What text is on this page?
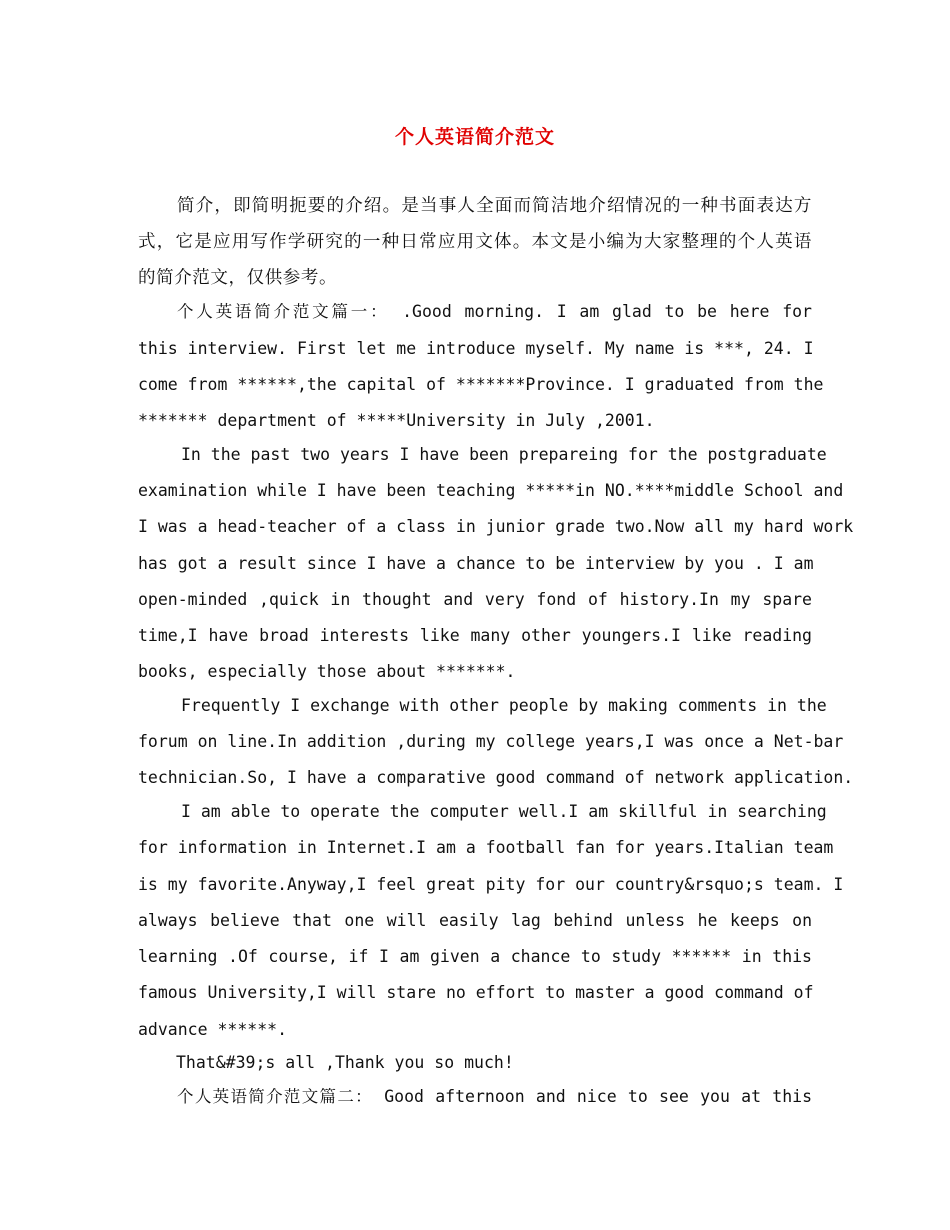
个人英语简介范文
简介，即简明扼要的介绍。是当事人全面而简洁地介绍情况的一种书面表达方
式，它是应用写作学研究的一种日常应用文体。本文是小编为大家整理的个人英语
的简介范文，仅供参考。
个人英语简介范文篇一： .Good morning. I am glad to be here for
this interview. First let me introduce myself. My name is ***, 24. I
come from ******,the capital of *******Province. I graduated from the
******* department of *****University in July ,2001.
In the past two years I have been prepareing for the postgraduate
examination while I have been teaching *****in NO.****middle School and
I was a head-teacher of a class in junior grade two.Now all my hard work
has got a result since I have a chance to be interview by you . I am
open-minded ,quick in thought and very fond of history.In my spare
time,I have broad interests like many other youngers.I like reading
books, especially those about *******.
Frequently I exchange with other people by making comments in the
forum on line.In addition ,during my college years,I was once a Net-bar
technician.So, I have a comparative good command of network application.
I am able to operate the computer well.I am skillful in searching
for information in Internet.I am a football fan for years.Italian team
is my favorite.Anyway,I feel great pity for our country&rsquo;s team. I
always believe that one will easily lag behind unless he keeps on
learning .Of course, if I am given a chance to study ****** in this
famous University,I will stare no effort to master a good command of
advance ******.
That&#39;s all ,Thank you so much!
个人英语简介范文篇二： Good afternoon and nice to see you at this
